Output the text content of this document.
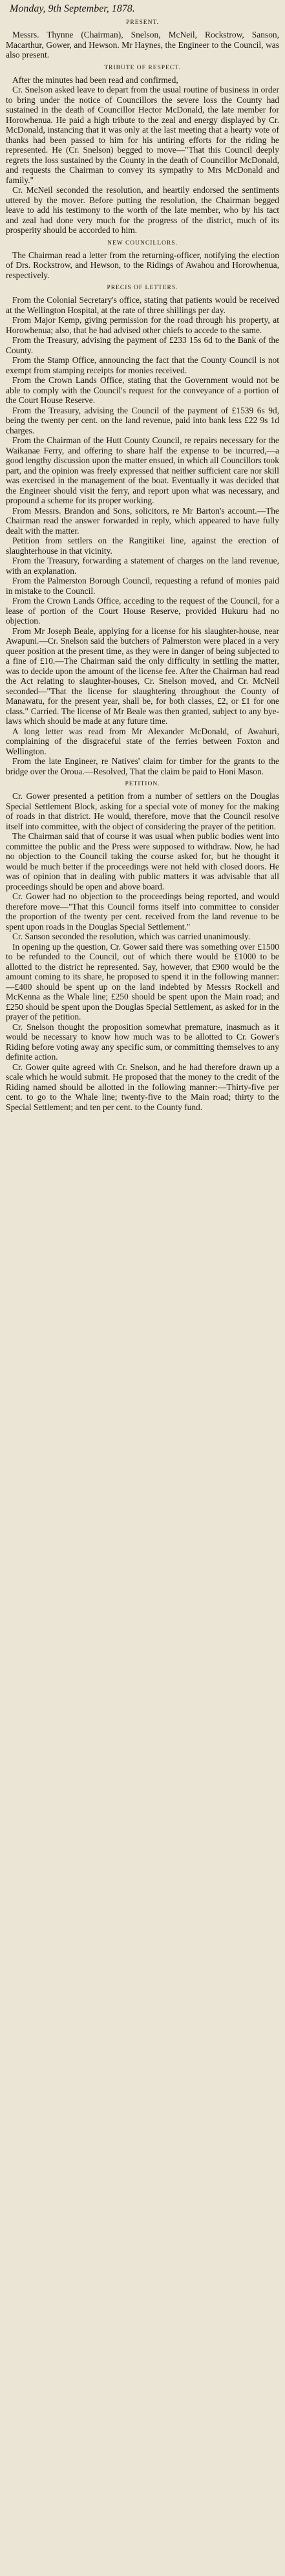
Monday, 9th September, 1878.
PRESENT.

Messrs. Thynne (Chairman), Snelson, McNeil, Rockstrow, Sanson, Macarthur, Gower, and Hewson. Mr Haynes, the Engineer to the Council, was also present.

TRIBUTE OF RESPECT.

After the minutes had been read and confirmed,

Cr. Snelson asked leave to depart from the usual routine of business in order to bring under the notice of Councillors the severe loss the County had sustained in the death of Councillor Hector McDonald, the late member for Horowhenua. He paid a high tribute to the zeal and energy displayed by Cr. McDonald, instancing that it was only at the last meeting that a hearty vote of thanks had been passed to him for his untiring efforts for the riding he represented. He (Cr. Snelson) begged to move—"That this Council deeply regrets the loss sustained by the County in the death of Councillor McDonald, and requests the Chairman to convey its sympathy to Mrs McDonald and family."

Cr. McNeil seconded the resolution, and heartily endorsed the sentiments uttered by the mover. Before putting the resolution, the Chairman begged leave to add his testimony to the worth of the late member, who by his tact and zeal had done very much for the progress of the district, much of its prosperity should be accorded to him.

NEW COUNCILLORS.

The Chairman read a letter from the returning-officer, notifying the election of Drs. Rockstrow, and Hewson, to the Ridings of Awahou and Horowhenua, respectively.

PRECIS OF LETTERS.

From the Colonial Secretary's office, stating that patients would be received at the Wellington Hospital, at the rate of three shillings per day.

From Major Kemp, giving permission for the road through his property, at Horowhenua; also, that he had advised other chiefs to accede to the same.

From the Treasury, advising the payment of £233 15s 6d to the Bank of the County.

From the Stamp Office, announcing the fact that the County Council is not exempt from stamping receipts for monies received.

From the Crown Lands Office, stating that the Government would not be able to comply with the Council's request for the conveyance of a portion of the Court House Reserve.

From the Treasury, advising the Council of the payment of £1539 6s 9d, being the twenty per cent. on the land revenue, paid into bank less £22 9s 1d charges.

From the Chairman of the Hutt County Council, re repairs necessary for the Waikanae Ferry, and offering to share half the expense to be incurred,—a good lengthy discussion upon the matter ensued, in which all Councillors took part, and the opinion was freely expressed that neither sufficient care nor skill was exercised in the management of the boat. Eventually it was decided that the Engineer should visit the ferry, and report upon what was necessary, and propound a scheme for its proper working.

From Messrs. Brandon and Sons, solicitors, re Mr Barton's account.—The Chairman read the answer forwarded in reply, which appeared to have fully dealt with the matter.

Petition from settlers on the Rangitikei line, against the erection of slaughterhouse in that vicinity.

From the Treasury, forwarding a statement of charges on the land revenue, with an explanation.

From the Palmerston Borough Council, requesting a refund of monies paid in mistake to the Council.

From the Crown Lands Office, acceding to the request of the Council, for a lease of portion of the Court House Reserve, provided Hukuru had no objection.

From Mr Joseph Beale, applying for a license for his slaughter-house, near Awapuni.—Cr. Snelson said the butchers of Palmerston were placed in a very queer position at the present time, as they were in danger of being subjected to a fine of £10.—The Chairman said the only difficulty in settling the matter, was to decide upon the amount of the license fee. After the Chairman had read the Act relating to slaughter-houses, Cr. Snelson moved, and Cr. McNeil seconded—"That the license for slaughtering throughout the County of Manawatu, for the present year, shall be, for both classes, £2, or £1 for one class." Carried. The license of Mr Beale was then granted, subject to any bye-laws which should be made at any future time.

A long letter was read from Mr Alexander McDonald, of Awahuri, complaining of the disgraceful state of the ferries between Foxton and Wellington.

From the late Engineer, re Natives' claim for timber for the grants to the bridge over the Oroua.—Resolved, That the claim be paid to Honi Mason.

PETITION.

Cr. Gower presented a petition from a number of settlers on the Douglas Special Settlement Block, asking for a special vote of money for the making of roads in that district. He would, therefore, move that the Council resolve itself into committee, with the object of considering the prayer of the petition.

The Chairman said that of course it was usual when public bodies went into committee the public and the Press were supposed to withdraw. Now, he had no objection to the Council taking the course asked for, but he thought it would be much better if the proceedings were not held with closed doors. He was of opinion that in dealing with public matters it was advisable that all proceedings should be open and above board.

Cr. Gower had no objection to the proceedings being reported, and would therefore move—"That this Council forms itself into committee to consider the proportion of the twenty per cent. received from the land revenue to be spent upon roads in the Douglas Special Settlement."

Cr. Sanson seconded the resolution, which was carried unanimously.

In opening up the question, Cr. Gower said there was something over £1500 to be refunded to the Council, out of which there would be £1000 to be allotted to the district he represented. Say, however, that £900 would be the amount coming to its share, he proposed to spend it in the following manner:—£400 should be spent up on the land indebted by Messrs Rockell and McKenna as the Whale line; £250 should be spent upon the Main road; and £250 should be spent upon the Douglas Special Settlement, as asked for in the prayer of the petition.

Cr. Snelson thought the proposition somewhat premature, inasmuch as it would be necessary to know how much was to be allotted to Cr. Gower's Riding before voting away any specific sum, or committing themselves to any definite action.

Cr. Gower quite agreed with Cr. Snelson, and he had therefore drawn up a scale which he would submit. He proposed that the money to the credit of the Riding named should be allotted in the following manner:—Thirty-five per cent. to go to the Whale line; twenty-five to the Main road; thirty to the Special Settlement; and ten per cent. to the County fund.
